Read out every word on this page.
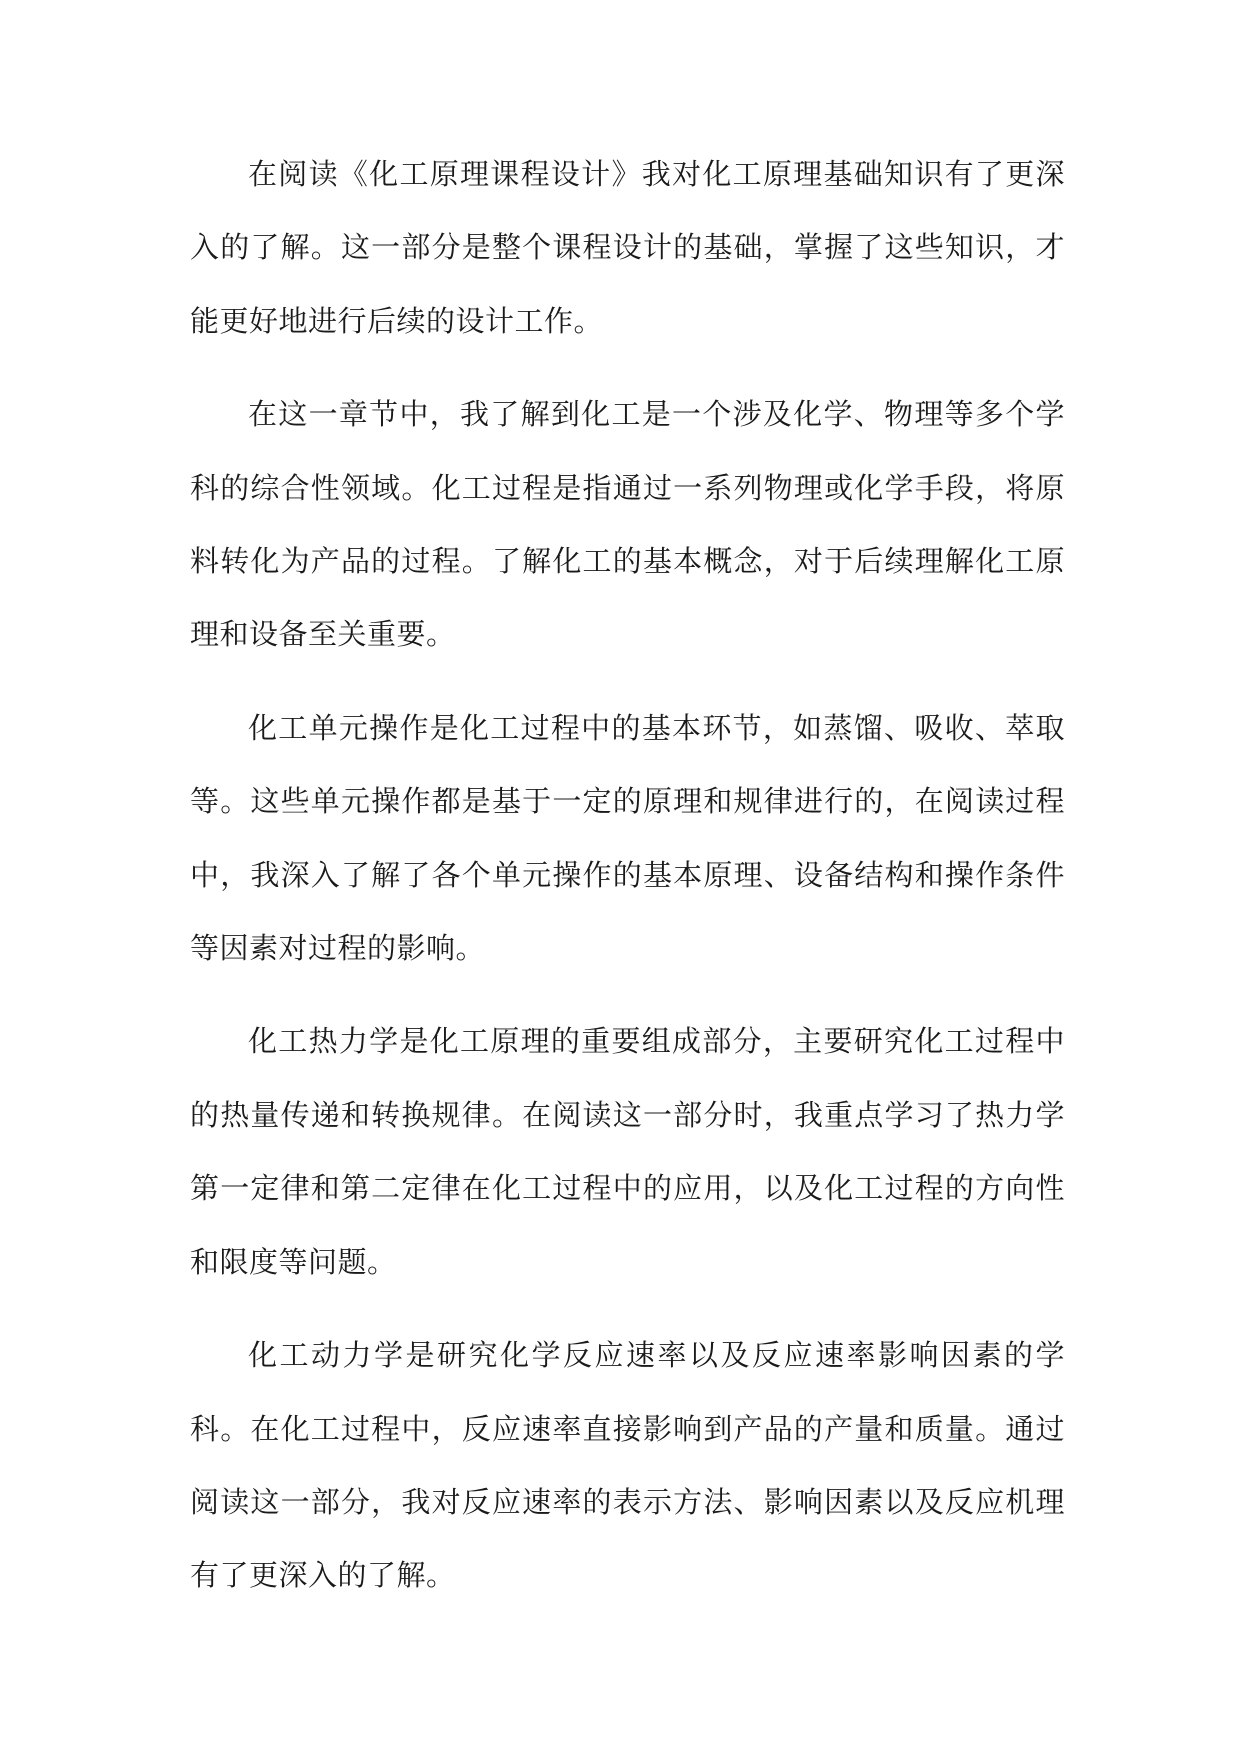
在阅读《化工原理课程设计》我对化工原理基础知识有了更深入的了解。这一部分是整个课程设计的基础，掌握了这些知识，才能更好地进行后续的设计工作。

在这一章节中，我了解到化工是一个涉及化学、物理等多个学科的综合性领域。化工过程是指通过一系列物理或化学手段，将原料转化为产品的过程。了解化工的基本概念，对于后续理解化工原理和设备至关重要。

化工单元操作是化工过程中的基本环节，如蒸馏、吸收、萃取等。这些单元操作都是基于一定的原理和规律进行的，在阅读过程中，我深入了解了各个单元操作的基本原理、设备结构和操作条件等因素对过程的影响。

化工热力学是化工原理的重要组成部分，主要研究化工过程中的热量传递和转换规律。在阅读这一部分时，我重点学习了热力学第一定律和第二定律在化工过程中的应用，以及化工过程的方向性和限度等问题。

化工动力学是研究化学反应速率以及反应速率影响因素的学科。在化工过程中，反应速率直接影响到产品的产量和质量。通过阅读这一部分，我对反应速率的表示方法、影响因素以及反应机理有了更深入的了解。
